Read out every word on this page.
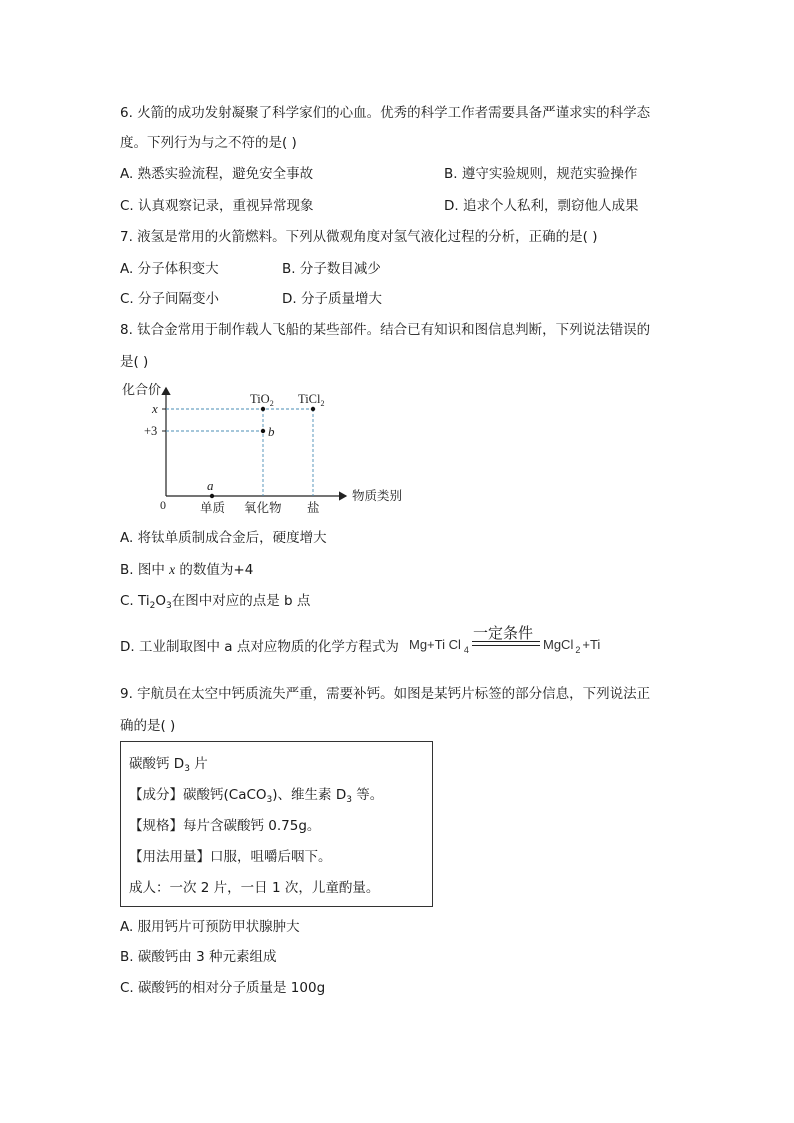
6. 火箭的成功发射凝聚了科学家们的心血。优秀的科学工作者需要具备严谨求实的科学态
度。下列行为与之不符的是( )
A. 熟悉实验流程，避免安全事故	B. 遵守实验规则，规范实验操作
C. 认真观察记录，重视异常现象	D. 追求个人私利，剽窃他人成果
7. 液氢是常用的火箭燃料。下列从微观角度对氢气液化过程的分析，正确的是( )
A. 分子体积变大	B. 分子数目减少
C. 分子间隔变小	D. 分子质量增大
8. 钛合金常用于制作载人飞船的某些部件。结合已有知识和图信息判断，下列说法错误的
是( )
化合价
物质类别
0
x
+3
TiO$_2$ TiCl$_2$
b
a
单质 氧化物 盐
A. 将钛单质制成合金后，硬度增大
B. 图中 x 的数值为+4
C. $Ti_2O_3$在图中对应的点是 b 点
D. 工业制取图中 a 点对应物质的化学方程式为 Mg+Ti Cl $_4$
一定条件
MgCl $_2$ +Ti
9. 宇航员在太空中钙质流失严重，需要补钙。如图是某钙片标签的部分信息，下列说法正
确的是( )
碳酸钙 $D_3$ 片
【成分】碳酸钙(CaCO$_3$)、维生素 $D_3$ 等。
【规格】每片含碳酸钙 0.75g。
【用法用量】口服，咀嚼后咽下。
成人：一次 2 片，一日 1 次，儿童酌量。
A. 服用钙片可预防甲状腺肿大
B. 碳酸钙由 3 种元素组成
C. 碳酸钙的相对分子质量是 100g
